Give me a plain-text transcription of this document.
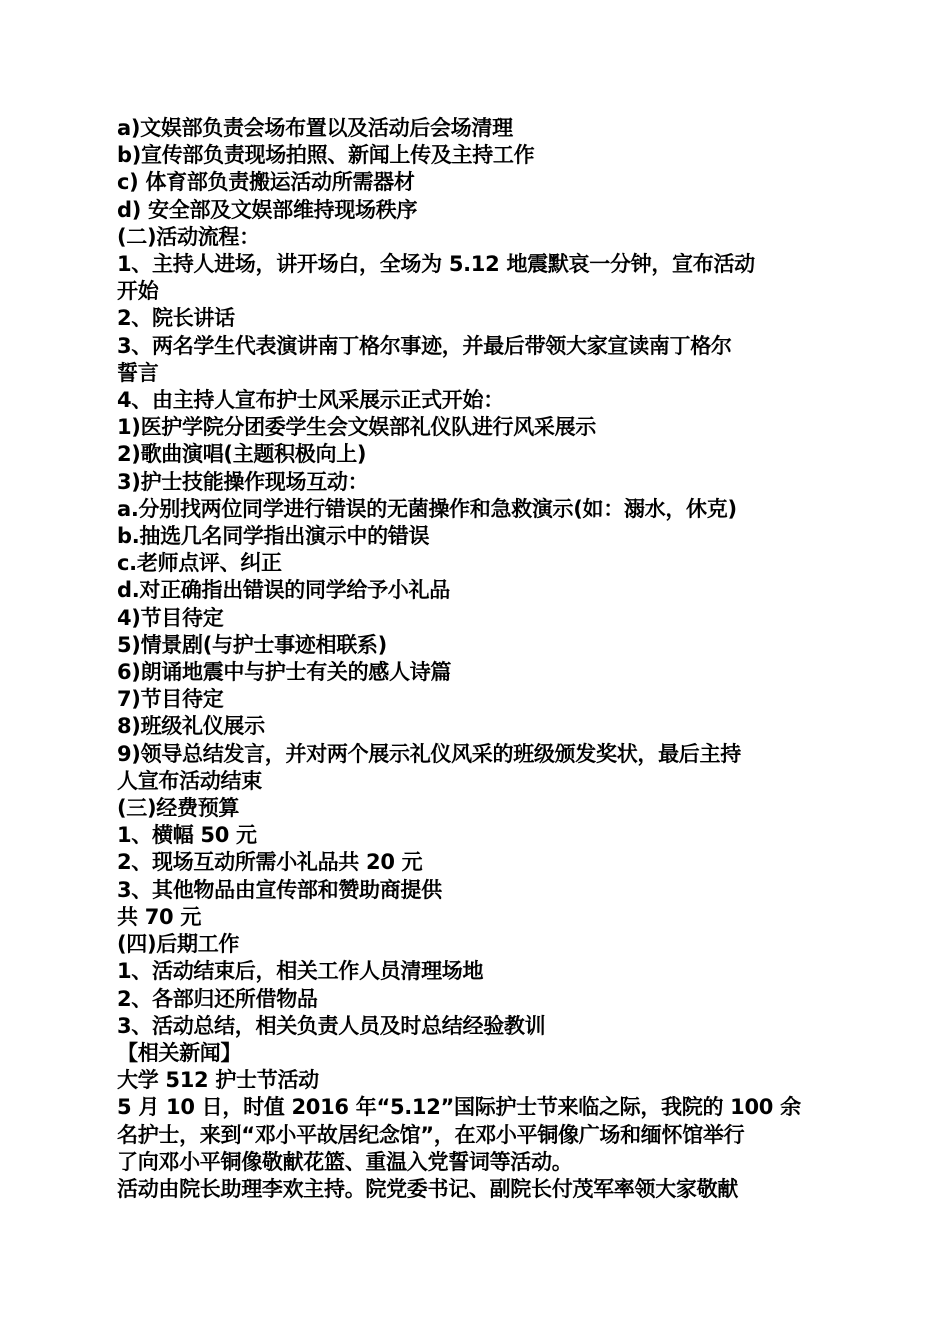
a)文娱部负责会场布置以及活动后会场清理
b)宣传部负责现场拍照、新闻上传及主持工作
c) 体育部负责搬运活动所需器材
d) 安全部及文娱部维持现场秩序
(二)活动流程：
1、主持人进场，讲开场白，全场为 5.12 地震默哀一分钟，宣布活动
开始
2、院长讲话
3、两名学生代表演讲南丁格尔事迹，并最后带领大家宣读南丁格尔
誓言
4、由主持人宣布护士风采展示正式开始：
1)医护学院分团委学生会文娱部礼仪队进行风采展示
2)歌曲演唱(主题积极向上)
3)护士技能操作现场互动：
a.分别找两位同学进行错误的无菌操作和急救演示(如：溺水，休克)
b.抽选几名同学指出演示中的错误
c.老师点评、纠正
d.对正确指出错误的同学给予小礼品
4)节目待定
5)情景剧(与护士事迹相联系)
6)朗诵地震中与护士有关的感人诗篇
7)节目待定
8)班级礼仪展示
9)领导总结发言，并对两个展示礼仪风采的班级颁发奖状，最后主持
人宣布活动结束
(三)经费预算
1、横幅 50 元
2、现场互动所需小礼品共 20 元
3、其他物品由宣传部和赞助商提供
共 70 元
(四)后期工作
1、活动结束后，相关工作人员清理场地
2、各部归还所借物品
3、活动总结，相关负责人员及时总结经验教训
【相关新闻】
大学 512 护士节活动
5 月 10 日，时值 2016 年“5.12”国际护士节来临之际，我院的 100 余
名护士，来到“邓小平故居纪念馆”，在邓小平铜像广场和缅怀馆举行
了向邓小平铜像敬献花篮、重温入党誓词等活动。
活动由院长助理李欢主持。院党委书记、副院长付茂军率领大家敬献
